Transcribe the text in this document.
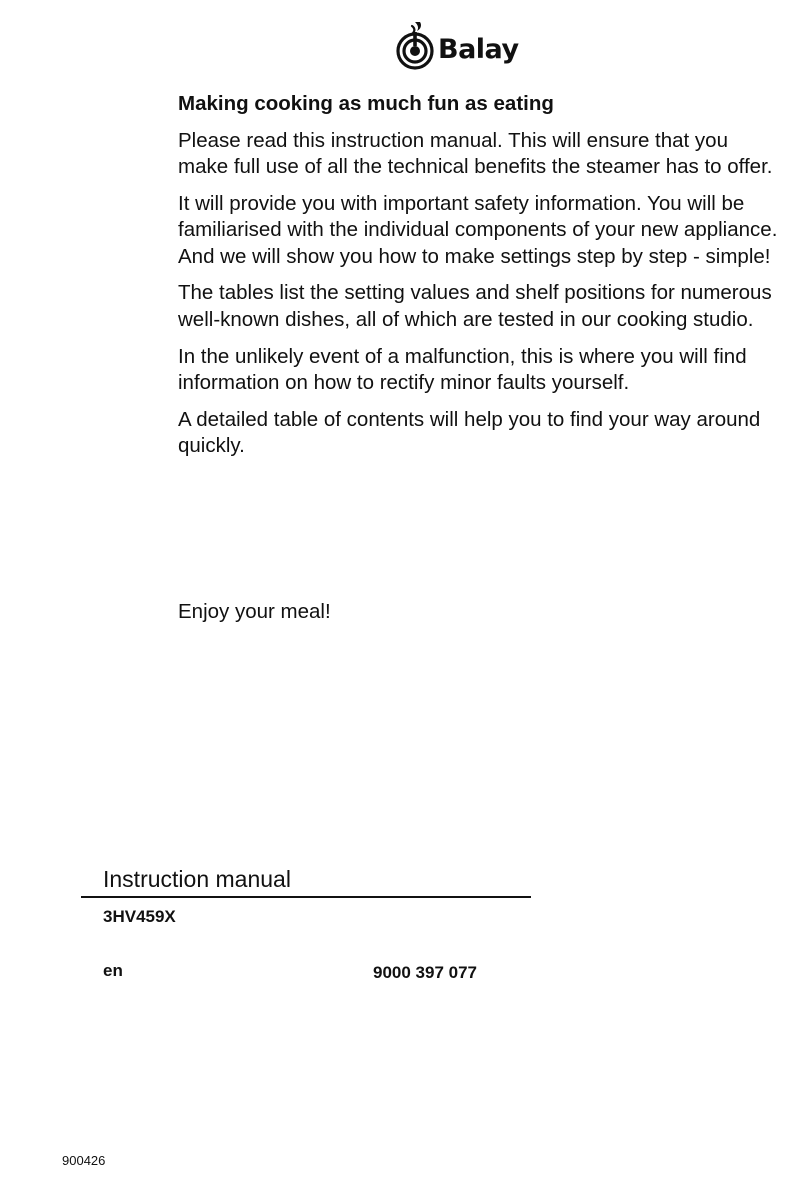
Balay
Making cooking as much fun as eating

Please read this instruction manual. This will ensure that you make full use of all the technical benefits the steamer has to offer.

It will provide you with important safety information. You will be familiarised with the individual components of your new appliance. And we will show you how to make settings step by step - simple!

The tables list the setting values and shelf positions for numerous well-known dishes, all of which are tested in our cooking studio.

In the unlikely event of a malfunction, this is where you will find information on how to rectify minor faults yourself.

A detailed table of contents will help you to find your way around quickly.

Enjoy your meal!

Instruction manual
3HV459X
en	9000 397 077
900426
